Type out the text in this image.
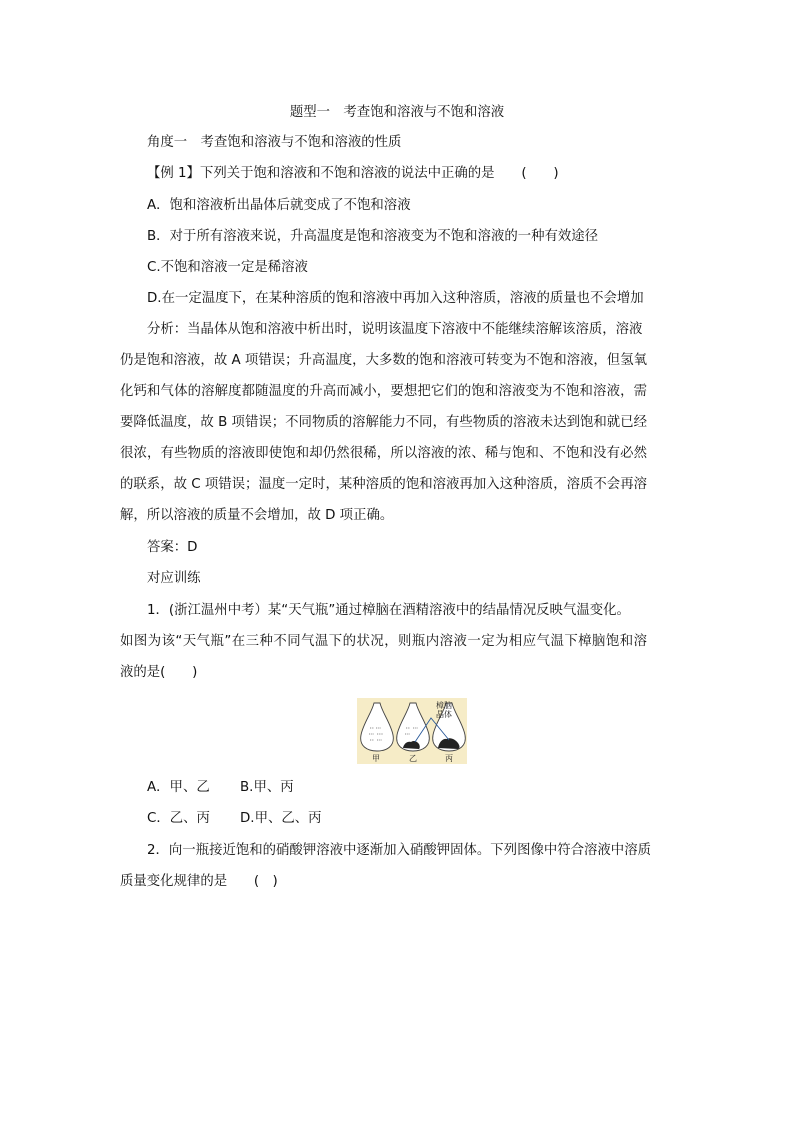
题型一　考查饱和溶液与不饱和溶液
角度一　考查饱和溶液与不饱和溶液的性质
【例 1】下列关于饱和溶液和不饱和溶液的说法中正确的是　　(　　)
A．饱和溶液析出晶体后就变成了不饱和溶液
B．对于所有溶液来说，升高温度是饱和溶液变为不饱和溶液的一种有效途径
C.不饱和溶液一定是稀溶液
D.在一定温度下，在某种溶质的饱和溶液中再加入这种溶质，溶液的质量也不会增加
分析：当晶体从饱和溶液中析出时，说明该温度下溶液中不能继续溶解该溶质，溶液
仍是饱和溶液，故 A 项错误；升高温度，大多数的饱和溶液可转变为不饱和溶液，但氢氧
化钙和气体的溶解度都随温度的升高而减小，要想把它们的饱和溶液变为不饱和溶液，需
要降低温度，故 B 项错误；不同物质的溶解能力不同，有些物质的溶液未达到饱和就已经
很浓，有些物质的溶液即使饱和却仍然很稀，所以溶液的浓、稀与饱和、不饱和没有必然
的联系，故 C 项错误；温度一定时，某种溶质的饱和溶液再加入这种溶质，溶质不会再溶
解，所以溶液的质量不会增加，故 D 项正确。
答案：D
对应训练
1．(浙江温州中考）某“天气瓶”通过樟脑在酒精溶液中的结晶情况反映气温变化。
如图为该“天气瓶”在三种不同气温下的状况，则瓶内溶液一定为相应气温下樟脑饱和溶
液的是(　　)
樟脑
晶体
甲	乙	丙
A．甲、乙 B.甲、丙
C．乙、丙 D.甲、乙、丙
2．向一瓶接近饱和的硝酸钾溶液中逐渐加入硝酸钾固体。下列图像中符合溶液中溶质
质量变化规律的是　　(　)
